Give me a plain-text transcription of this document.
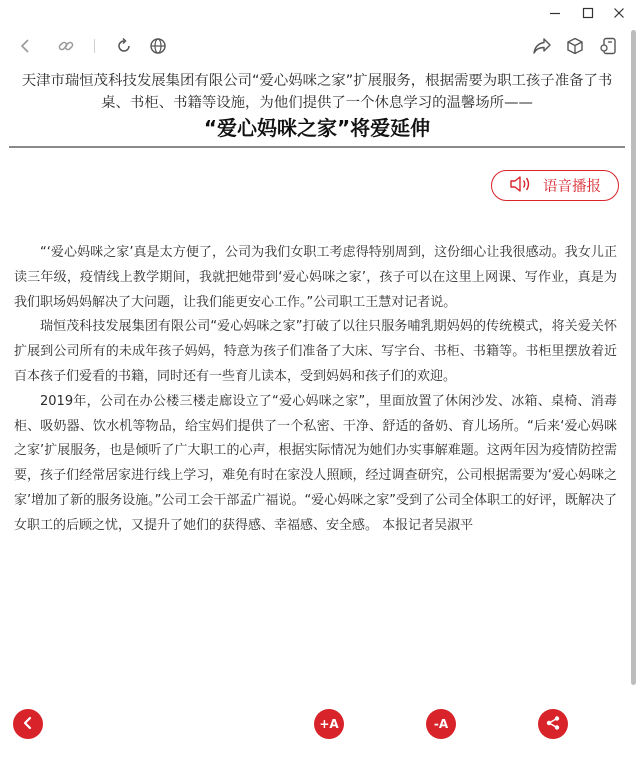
天津市瑞恒茂科技发展集团有限公司“爱心妈咪之家”扩展服务，根据需要为职工孩子准备了书桌、书柜、书籍等设施，为他们提供了一个休息学习的温馨场所——
“爱心妈咪之家”将爱延伸
语音播报

“‘爱心妈咪之家’真是太方便了，公司为我们女职工考虑得特别周到，这份细心让我很感动。我女儿正读三年级，疫情线上教学期间，我就把她带到‘爱心妈咪之家’，孩子可以在这里上网课、写作业，真是为我们职场妈妈解决了大问题，让我们能更安心工作。”公司职工王慧对记者说。

瑞恒茂科技发展集团有限公司“爱心妈咪之家”打破了以往只服务哺乳期妈妈的传统模式，将关爱关怀扩展到公司所有的未成年孩子妈妈，特意为孩子们准备了大床、写字台、书柜、书籍等。书柜里摆放着近百本孩子们爱看的书籍，同时还有一些育儿读本，受到妈妈和孩子们的欢迎。

2019年，公司在办公楼三楼走廊设立了“爱心妈咪之家”，里面放置了休闲沙发、冰箱、桌椅、消毒柜、吸奶器、饮水机等物品，给宝妈们提供了一个私密、干净、舒适的备奶、育儿场所。“后来‘爱心妈咪之家’扩展服务，也是倾听了广大职工的心声，根据实际情况为她们办实事解难题。这两年因为疫情防控需要，孩子们经常居家进行线上学习，难免有时在家没人照顾，经过调查研究，公司根据需要为‘爱心妈咪之家’增加了新的服务设施。”公司工会干部孟广福说。“爱心妈咪之家”受到了公司全体职工的好评，既解决了女职工的后顾之忧，又提升了她们的获得感、幸福感、安全感。 本报记者吴淑平

+A	-A
